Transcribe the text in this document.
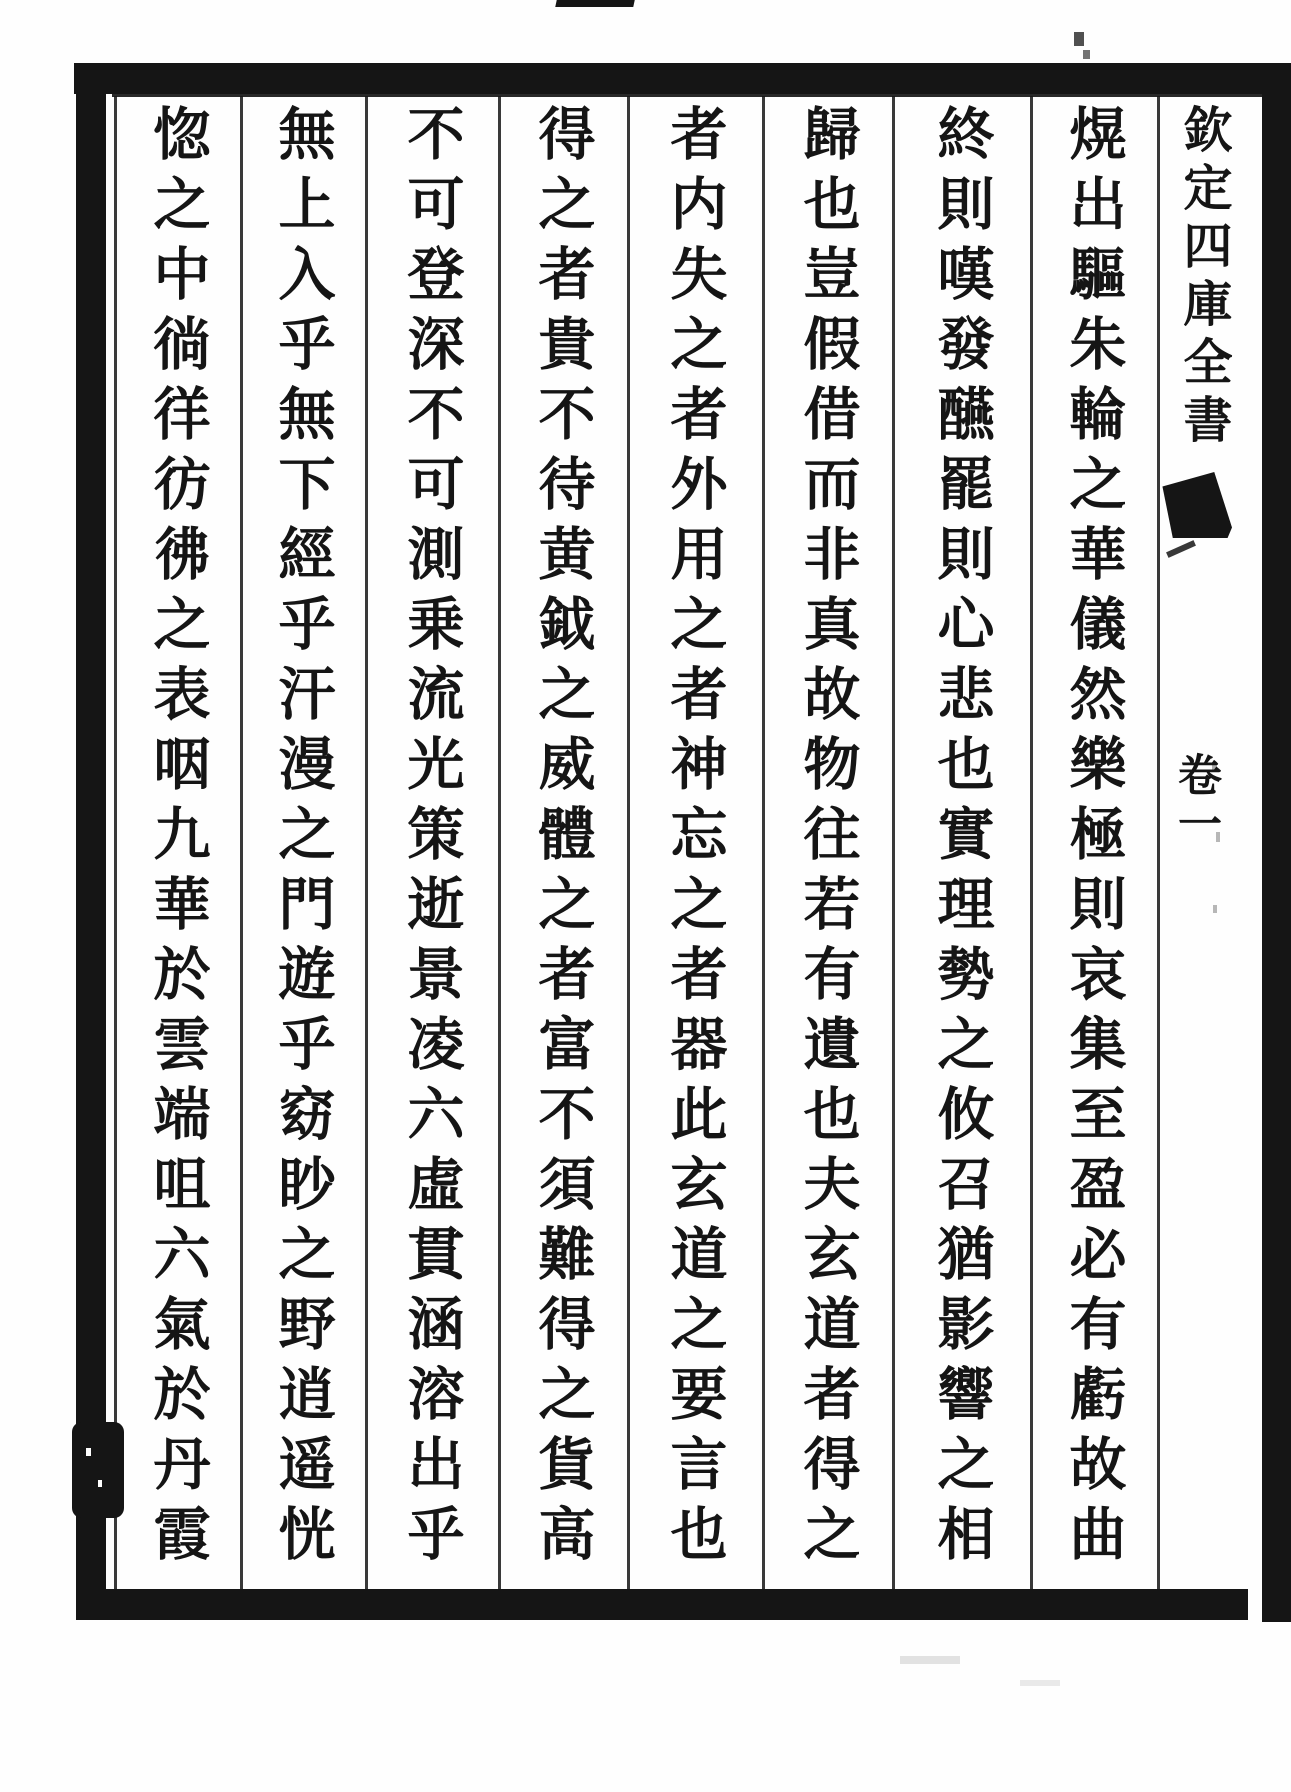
欽定四庫全書
卷一
熀出驅朱輪之華儀然樂極則哀集至盈必有虧故曲
終則嘆發醼罷則心悲也實理勢之攸召猶影響之相
歸也豈假借而非真故物往若有遺也夫玄道者得之
者内失之者外用之者神忘之者器此玄道之要言也
得之者貴不待黄鉞之威體之者富不須難得之貨高
不可登深不可測乗流光策逝景凌六虛貫涵溶出乎
無上入乎無下經乎汗漫之門遊乎窈眇之野逍遥恍
惚之中徜徉彷彿之表咽九華於雲端咀六氣於丹霞
